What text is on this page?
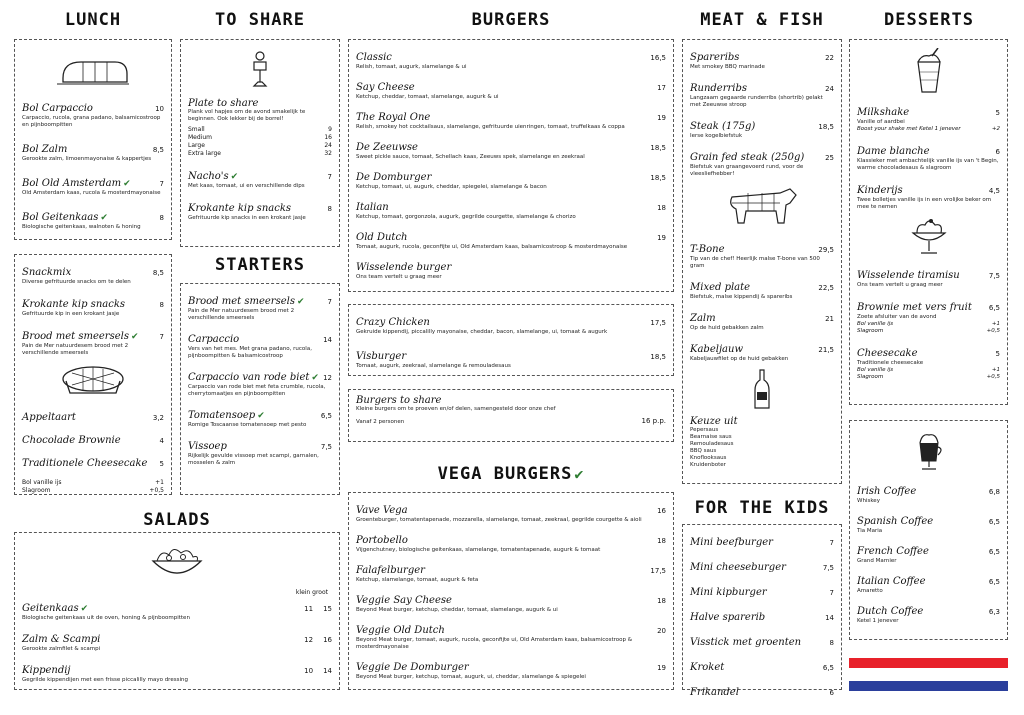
LUNCH	TO SHARE	BURGERS	MEAT & FISH	DESSERTS
STARTERS
SALADS
VEGA BURGERS ✔
FOR THE KIDS
Bol Carpaccio	10
Carpaccio, rucola, grana padano, balsamicostroop en pijnboompitten
Bol Zalm	8,5
Gerookte zalm, limoenmayonaise & kappertjes
Bol Old Amsterdam ✔	7
Old Amsterdam kaas, rucola & mosterdmayonaise
Bol Geitenkaas ✔	8
Biologische geitenkaas, walnoten & honing
Snackmix	8,5
Diverse gefrituurde snacks om te delen
Krokante kip snacks	8
Gefrituurde kip in een krokant jasje
Brood met smeersels ✔	7
Pain de Mer natuurdesem brood met 2 verschillende smeersels
Appeltaart	3,2
Chocolade Brownie	4
Traditionele Cheesecake 5
Bol vanille ijs	+1
Slagroom	+0,5
Plate to share
Plank vol hapjes om de avond smakelijk te beginnen. Ook lekker bij de borrel!
Small	9
Medium	16
Large	24
Extra large	32
Nacho's ✔	7
Met kaas, tomaat, ui en verschillende dips
Krokante kip snacks	8
Gefrituurde kip snacks in een krokant jasje
Brood met smeersels ✔	7
Pain de Mer natuurdesem brood met 2 verschillende smeersels
Carpaccio	14
Vers van het mes. Met grana padano, rucola, pijnboompitten & balsamicostroop
Carpaccio van rode biet ✔ 12
Carpaccio van rode biet met feta crumble, rucola, cherrytomaatjes en pijnboompitten
Tomatensoep ✔	6,5
Romige Toscaanse tomatensoep met pesto
Vissoep	7,5
Rijkelijk gevulde vissoep met scampi, garnalen, mosselen & zalm
klein groot
Geitenkaas ✔	11 15
Biologische geitenkaas uit de oven, honing & pijnboompitten
Zalm & Scampi	12 16
Gerookte zalmfilet & scampi
Kippendij	10 14
Gegrilde kippendijen met een frisse piccalilly mayo dressing
Classic	16,5
Relish, tomaat, augurk, slamelange & ui
Say Cheese	17
Ketchup, cheddar, tomaat, slamelange, augurk & ui
The Royal One	19
Relish, smokey hot cocktailsaus, slamelange, gefrituurde uienringen, tomaat, truffelkaas & coppa
De Zeeuwse	18,5
Sweet pickle sauce, tomaat, Schellach kaas, Zeeuws spek, slamelange en zeekraal
De Domburger	18,5
Ketchup, tomaat, ui, augurk, cheddar, spiegelei, slamelange & bacon
Italian	18
Ketchup, tomaat, gorgonzola, augurk, gegrilde courgette, slamelange & chorizo
Old Dutch	19
Tomaat, augurk, rucola, geconfijte ui, Old Amsterdam kaas, balsamicostroop & mosterdmayonaise
Wisselende burger
Ons team vertelt u graag meer
Crazy Chicken	17,5
Gekruide kippendij, piccalilly mayonaise, cheddar, bacon, slamelange, ui, tomaat & augurk
Visburger	18,5
Tomaat, augurk, zeekraal, slamelange & remouladesaus
Burgers to share
Kleine burgers om te proeven en/of delen, samengesteld door onze chef
Vanaf 2 personen	16 p.p.
Vave Vega	16
Groenteburger, tomatentapenade, mozzarella, slamelange, tomaat, zeekraal, gegrilde courgette & aioli
Portobello	18
Vijgenchutney, biologische geitenkaas, slamelange, tomatentapenade, augurk & tomaat
Falafelburger	17,5
Ketchup, slamelange, tomaat, augurk & feta
Veggie Say Cheese	18
Beyond Meat burger, ketchup, cheddar, tomaat, slamelange, augurk & ui
Veggie Old Dutch	20
Beyond Meat burger, tomaat, augurk, rucola, geconfijte ui, Old Amsterdam kaas, balsamicostroop & mosterdmayonaise
Veggie De Domburger	19
Beyond Meat burger, ketchup, tomaat, augurk, ui, cheddar, slamelange & spiegelei
Spareribs	22
Met smokey BBQ marinade
Runderribs	24
Langzaam gegaarde runderribs (shortrib) gelakt met Zeeuwse stroop
Steak (175g)	18,5
Ierse kogelbiefstuk
Grain fed steak (250g)	25
Biefstuk van graangevoerd rund, voor de vleesliefhebber!
T-Bone	29,5
Tip van de chef! Heerlijk malse T-bone van 500 gram
Mixed plate	22,5
Biefstuk, malse kippendij & spareribs
Zalm	21
Op de huid gebakken zalm
Kabeljauw	21,5
Kabeljauwfilet op de huid gebakken
Keuze uit
Pepersaus
Bearnaise saus
Remouladesaus
BBQ saus
Knoflooksaus
Kruidenboter
Mini beefburger	7
Mini cheeseburger	7,5
Mini kipburger	7
Halve sparerib	14
Visstick met groenten	8
Kroket	6,5
Frikandel	6
Milkshake	5
Vanille of aardbei
Boost your shake met Ketel 1 jenever	+2
Dame blanche	6
Klassieker met ambachtelijk vanille ijs van 't Begin, warme chocoladesaus & slagroom
Kinderijs	4,5
Twee bolletjes vanille ijs in een vrolijke beker om mee te nemen
Wisselende tiramisu	7,5
Ons team vertelt u graag meer
Brownie met vers fruit 6,5
Zoete afsluiter van de avond
Bol vanille ijs	+1
Slagroom	+0,5
Cheesecake	5
Traditionele cheesecake
Bol vanille ijs	+1
Slagroom	+0,5
Irish Coffee	6,8
Whiskey
Spanish Coffee	6,5
Tia Maria
French Coffee	6,5
Grand Marnier
Italian Coffee	6,5
Amaretto
Dutch Coffee	6,3
Ketel 1 jenever
